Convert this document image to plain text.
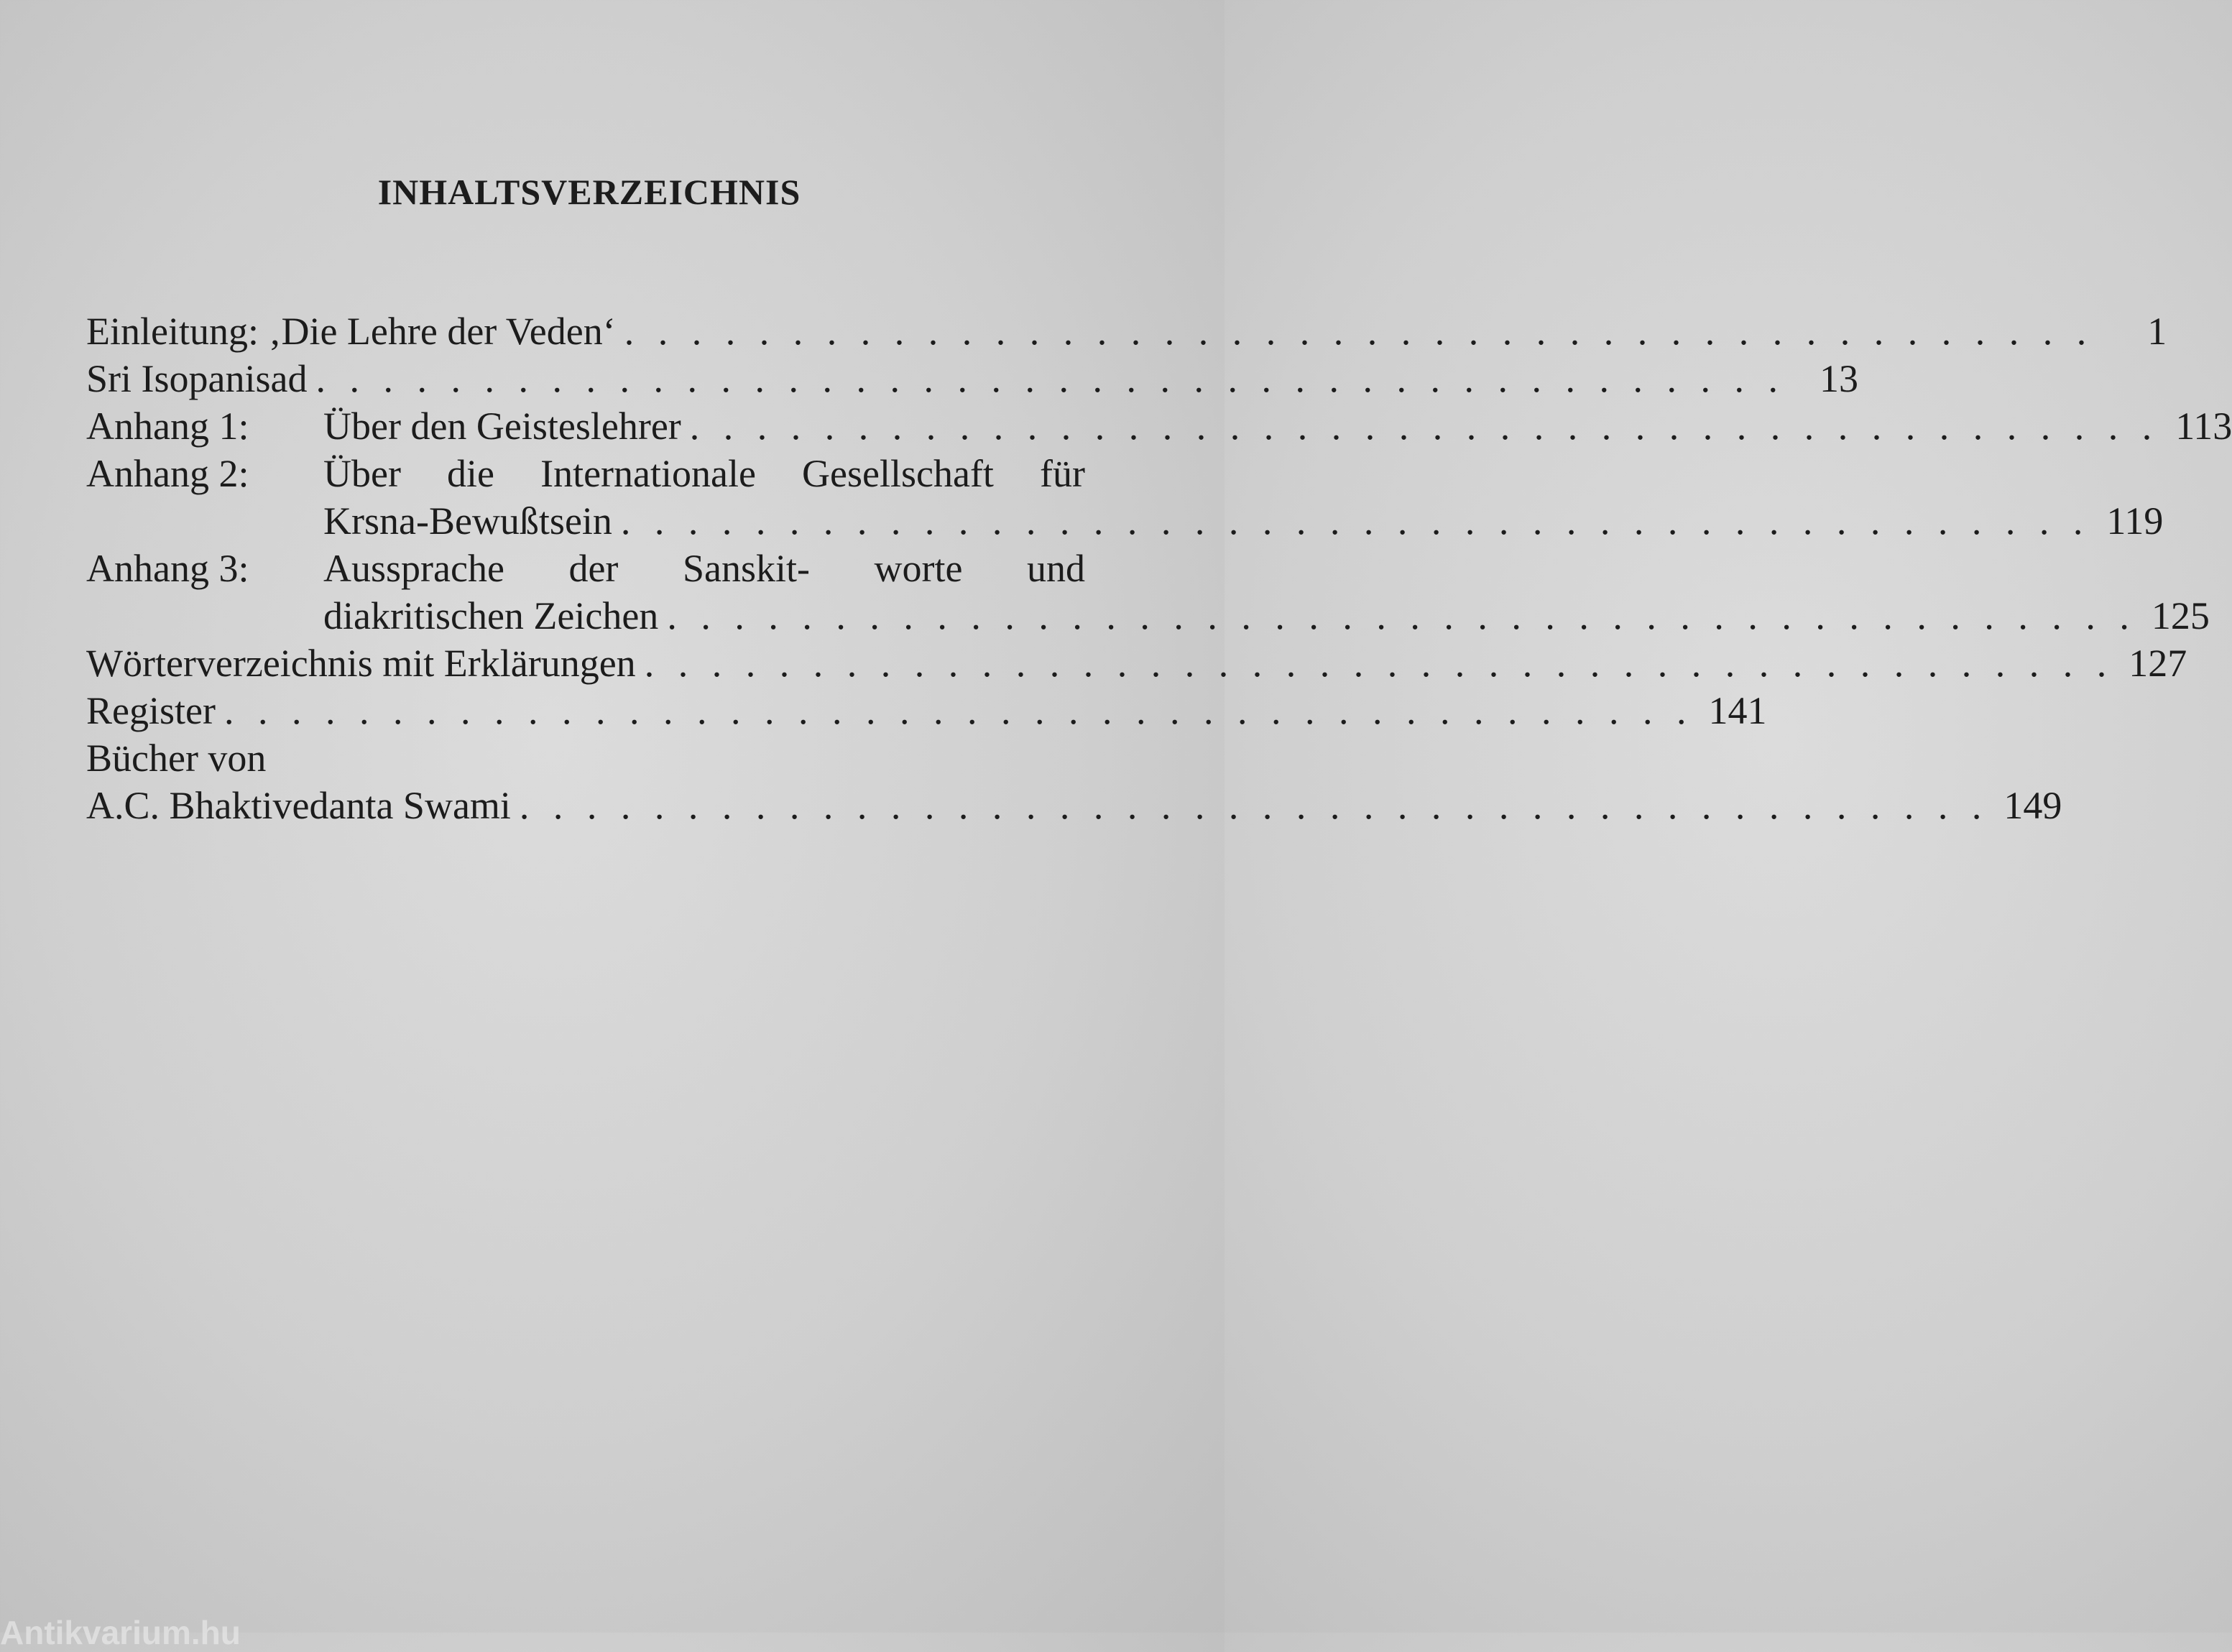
INHALTSVERZEICHNIS
Einleitung: ‚Die Lehre der Veden‘ . . . . . . . . . . . . . . . . . . . . . . . . . . . . . . . . . . . . . . . . . . . .	1
Sri Isopanisad . . . . . . . . . . . . . . . . . . . . . . . . . . . . . . . . . . . . . . . . . . . . 13
Anhang 1:	Über den Geisteslehrer . . . . . . . . . . . . . . . . . . . . . . . . . . . . . . . . . . . . . . . . . . . . 113
Anhang 2:	Über die Internationale Gesellschaft für
Krsna-Bewußtsein . . . . . . . . . . . . . . . . . . . . . . . . . . . . . . . . . . . . . . . . . . . . 119
Anhang 3:	Aussprache der Sanskit- worte und
diakritischen Zeichen . . . . . . . . . . . . . . . . . . . . . . . . . . . . . . . . . . . . . . . . . . . . 125
Wörterverzeichnis mit Erklärungen . . . . . . . . . . . . . . . . . . . . . . . . . . . . . . . . . . . . . . . . . . . . 127
Register . . . . . . . . . . . . . . . . . . . . . . . . . . . . . . . . . . . . . . . . . . . . 141
Bücher von
A.C. Bhaktivedanta Swami . . . . . . . . . . . . . . . . . . . . . . . . . . . . . . . . . . . . . . . . . . . . 149
Antikvarium.hu
